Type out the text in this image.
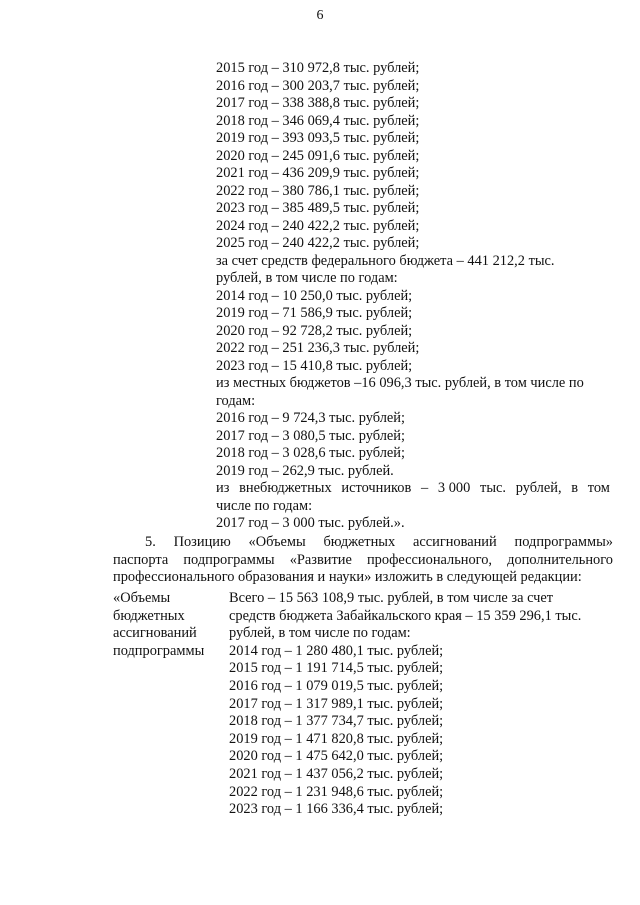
6
2015 год – 310 972,8 тыс. рублей;
2016 год – 300 203,7 тыс. рублей;
2017 год – 338 388,8 тыс. рублей;
2018 год – 346 069,4 тыс. рублей;
2019 год – 393 093,5 тыс. рублей;
2020 год – 245 091,6 тыс. рублей;
2021 год – 436 209,9 тыс. рублей;
2022 год – 380 786,1 тыс. рублей;
2023 год – 385 489,5 тыс. рублей;
2024 год – 240 422,2 тыс. рублей;
2025 год – 240 422,2 тыс. рублей;
за счет средств федерального бюджета – 441 212,2 тыс.
рублей, в том числе по годам:
2014 год – 10 250,0 тыс. рублей;
2019 год – 71 586,9 тыс. рублей;
2020 год – 92 728,2 тыс. рублей;
2022 год – 251 236,3 тыс. рублей;
2023 год – 15 410,8 тыс. рублей;
из местных бюджетов –16 096,3 тыс. рублей, в том числе по
годам:
2016 год – 9 724,3 тыс. рублей;
2017 год – 3 080,5 тыс. рублей;
2018 год – 3 028,6 тыс. рублей;
2019 год – 262,9 тыс. рублей.
из внебюджетных источников – 3 000 тыс. рублей, в том
числе по годам:
2017 год – 3 000 тыс. рублей.».
5. Позицию «Объемы бюджетных ассигнований подпрограммы»
паспорта подпрограммы «Развитие профессионального, дополнительного
профессионального образования и науки» изложить в следующей редакции:
«Объемы
бюджетных
ассигнований
подпрограммы
Всего – 15 563 108,9 тыс. рублей, в том числе за счет
средств бюджета Забайкальского края – 15 359 296,1 тыс.
рублей, в том числе по годам:
2014 год – 1 280 480,1 тыс. рублей;
2015 год – 1 191 714,5 тыс. рублей;
2016 год – 1 079 019,5 тыс. рублей;
2017 год – 1 317 989,1 тыс. рублей;
2018 год – 1 377 734,7 тыс. рублей;
2019 год – 1 471 820,8 тыс. рублей;
2020 год – 1 475 642,0 тыс. рублей;
2021 год – 1 437 056,2 тыс. рублей;
2022 год – 1 231 948,6 тыс. рублей;
2023 год – 1 166 336,4 тыс. рублей;
